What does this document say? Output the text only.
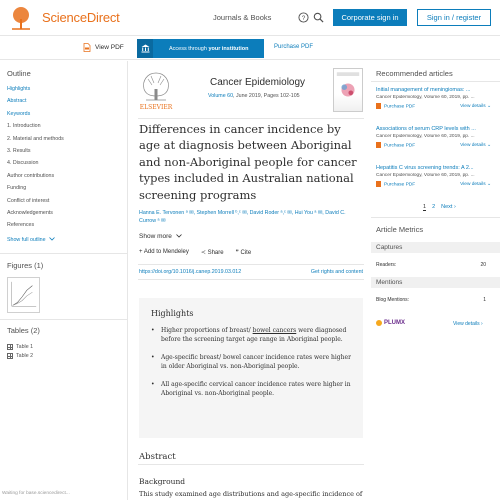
ScienceDirect	Journals & Books	?	Corporate sign in	Sign in / register
View PDF	Access through
your institution	Purchase PDF
Outline
Highlights
Abstract
Keywords
1. Introduction
2. Material and methods
3. Results
4. Discussion
Author contributions
Funding
Conflict of interest
Acknowledgements
References
Show full outline
Figures (1)
Tables (2)
Table 1
Table 2
ELSEVIER
Cancer Epidemiology
Volume 60, June 2019, Pages 102-105
Differences in cancer incidence by age at diagnosis between Aboriginal and non-Aboriginal people for cancer types included in Australian national screening programs
Hanna E. Tervonen ᵃ ✉, Stephen Morrell ᵇ,ᶜ ✉, David Roder ᵃ,ᶜ ✉, Hui You ᵃ ✉, David C. Currow ᵃ ✉
Show more
+ Add to Mendeley ≺ Share ❞ Cite
https://doi.org/10.1016/j.canep.2019.03.012	Get rights and content
Highlights
• Higher proportions of breast/ bowel cancers were diagnosed before the screening target age range in Aboriginal people.
• Age-specific breast/ bowel cancer incidence rates were higher in older Aboriginal vs. non-Aboriginal people.
• All age-specific cervical cancer incidence rates were higher in Aboriginal vs. non-Aboriginal people.
Abstract
Background
This study examined age distributions and age-specific incidence of
Recommended articles
Initial management of meningiomas: ...
Cancer Epidemiology, Volume 60, 2019, pp. ...
Purchase PDF	View details ⌄
Associations of serum CRP levels with ...
Cancer Epidemiology, Volume 60, 2019, pp. ...
Purchase PDF	View details ⌄
Hepatitis C virus screening trends: A 2...
Cancer Epidemiology, Volume 60, 2019, pp. ...
Purchase PDF	View details ⌄
1 2 Next ›
Article Metrics
Captures
Readers:	20
Mentions
Blog Mentions:	1
PLUMX	View details ›
Waiting for base.sciencedirect...
